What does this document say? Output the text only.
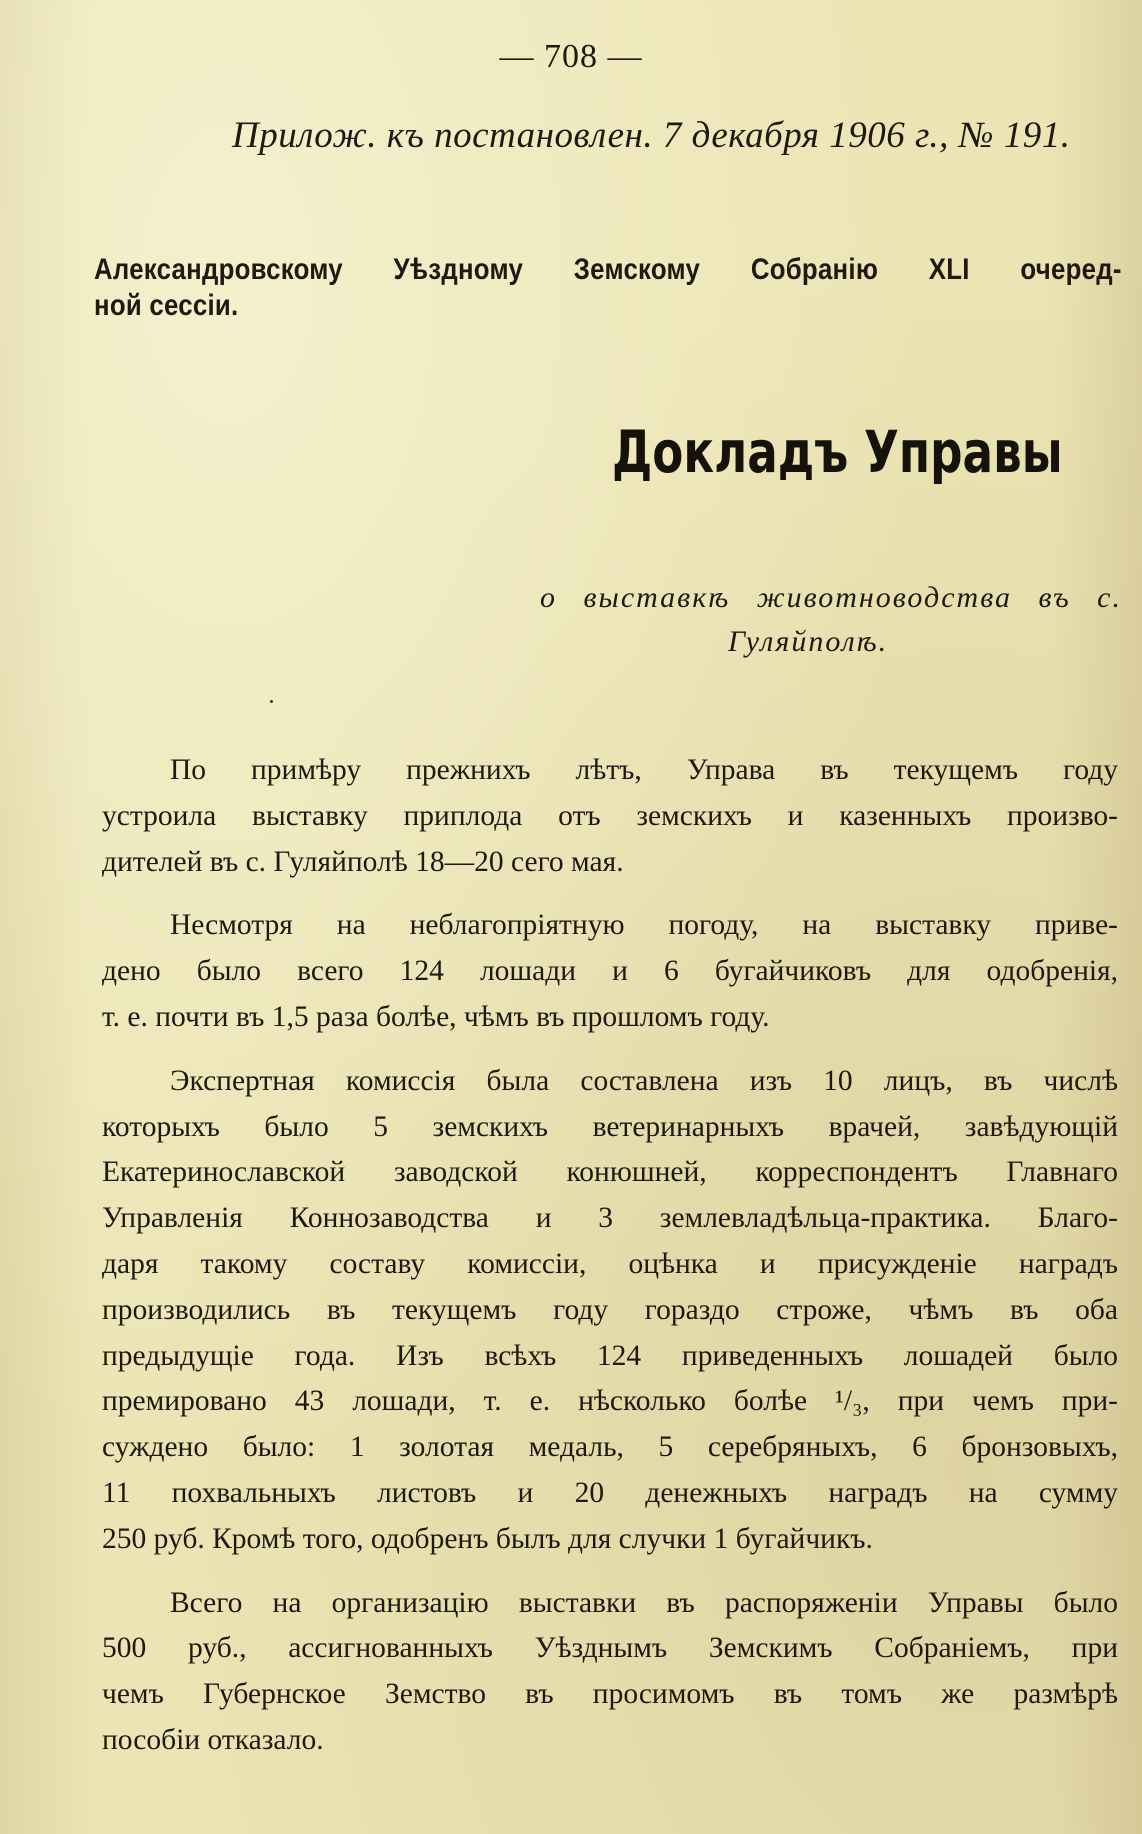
— 708 —
Прилож. къ постановлен. 7 декабря 1906 г., № 191.
Александровскому Уѣздному Земскому Собранію XLI очеред-
ной сессіи.
Докладъ Управы
о выставкѣ животноводства въ с.
Гуляйполѣ.

По примѣру прежнихъ лѣтъ, Управа въ текущемъ году
устроила выставку приплода отъ земскихъ и казенныхъ произво-
дителей въ с. Гуляйполѣ 18—20 сего мая.

Несмотря на неблагопріятную погоду, на выставку приве-
дено было всего 124 лошади и 6 бугайчиковъ для одобренія,
т. е. почти въ 1,5 раза болѣе, чѣмъ въ прошломъ году.

Экспертная комиссія была составлена изъ 10 лицъ, въ числѣ
которыхъ было 5 земскихъ ветеринарныхъ врачей, завѣдующій
Екатеринославской заводской конюшней, корреспондентъ Главнаго
Управленія Коннозаводства и 3 землевладѣльца-практика. Благо-
даря такому составу комиссіи, оцѣнка и присужденіе наградъ
производились въ текущемъ году гораздо строже, чѣмъ въ оба
предыдущіе года. Изъ всѣхъ 124 приведенныхъ лошадей было
премировано 43 лошади, т. е. нѣсколько болѣе ¹/₃, при чемъ при-
суждено было: 1 золотая медаль, 5 серебряныхъ, 6 бронзовыхъ,
11 похвальныхъ листовъ и 20 денежныхъ наградъ на сумму
250 руб. Кромѣ того, одобренъ былъ для случки 1 бугайчикъ.

Всего на организацію выставки въ распоряженіи Управы было
500 руб., ассигнованныхъ Уѣзднымъ Земскимъ Собраніемъ, при
чемъ Губернское Земство въ просимомъ въ томъ же размѣрѣ
пособіи отказало.
